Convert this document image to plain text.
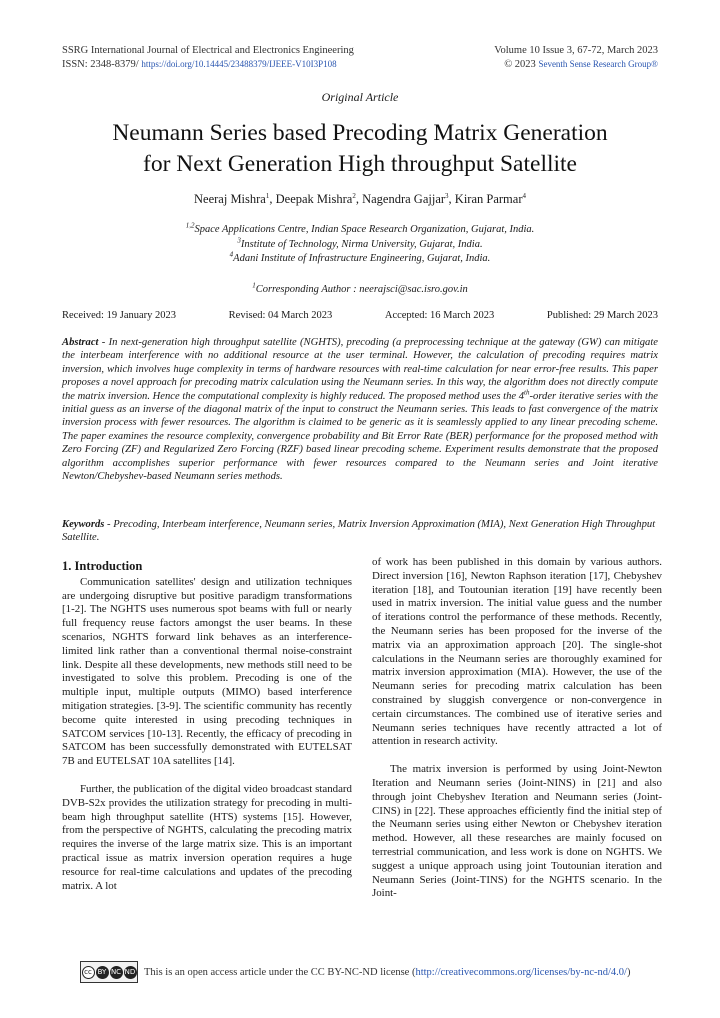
SSRG International Journal of Electrical and Electronics Engineering
ISSN: 2348-8379/ https://doi.org/10.14445/23488379/IJEEE-V10I3P108
Volume 10 Issue 3, 67-72, March 2023
© 2023 Seventh Sense Research Group®
Original Article
Neumann Series based Precoding Matrix Generation
for Next Generation High throughput Satellite
Neeraj Mishra$^1$, Deepak Mishra$^2$, Nagendra Gajjar$^3$, Kiran Parmar$^4$
$^{1,2}$Space Applications Centre, Indian Space Research Organization, Gujarat, India.
$^3$Institute of Technology, Nirma University, Gujarat, India.
$^4$Adani Institute of Infrastructure Engineering, Gujarat, India.
$^1$Corresponding Author : neerajsci@sac.isro.gov.in
Received: 19 January 2023	Revised: 04 March 2023	Accepted: 16 March 2023	Published: 29 March 2023
Abstract - In next-generation high throughput satellite (NGHTS), precoding (a preprocessing technique at the gateway (GW) can mitigate the interbeam interference with no additional resource at the user terminal. However, the calculation of precoding requires matrix inversion, which involves huge complexity in terms of hardware resources with real-time calculation for near error-free results. This paper proposes a novel approach for precoding matrix calculation using the Neumann series. In this way, the algorithm does not directly compute the matrix inversion. Hence the computational complexity is highly reduced. The proposed method uses the 4th-order iterative series with the initial guess as an inverse of the diagonal matrix of the input to construct the Neumann series. This leads to fast convergence of the matrix inversion process with fewer resources. The algorithm is claimed to be generic as it is seamlessly applied to any linear precoding scheme. The paper examines the resource complexity, convergence probability and Bit Error Rate (BER) performance for the proposed method with Zero Forcing (ZF) and Regularized Zero Forcing (RZF) based linear precoding scheme. Experiment results demonstrate that the proposed algorithm accomplishes superior performance with fewer resources compared to the Neumann series and Joint iterative Newton/Chebyshev-based Neumann series methods.
Keywords - Precoding, Interbeam interference, Neumann series, Matrix Inversion Approximation (MIA), Next Generation High Throughput Satellite.
1. Introduction

Communication satellites' design and utilization techniques are undergoing disruptive but positive paradigm transformations [1-2]. The NGHTS uses numerous spot beams with full or nearly full frequency reuse factors amongst the user beams. In these scenarios, NGHTS forward link behaves as an interference-limited link rather than a conventional thermal noise-constraint link. Despite all these developments, new methods still need to be investigated to solve this problem. Precoding is one of the multiple input, multiple outputs (MIMO) based interference mitigation strategies. [3-9]. The scientific community has recently become quite interested in using precoding techniques in SATCOM services [10-13]. Recently, the efficacy of precoding in SATCOM has been successfully demonstrated with EUTELSAT 7B and EUTELSAT 10A satellites [14].

Further, the publication of the digital video broadcast standard DVB-S2x provides the utilization strategy for precoding in multi-beam high throughput satellite (HTS) systems [15]. However, from the perspective of NGHTS, calculating the precoding matrix requires the inverse of the large matrix size. This is an important practical issue as matrix inversion operation requires a huge resource for real-time calculations and updates of the precoding matrix. A lot

of work has been published in this domain by various authors. Direct inversion [16], Newton Raphson iteration [17], Chebyshev iteration [18], and Toutounian iteration [19] have recently been used in matrix inversion. The initial value guess and the number of iterations control the performance of these methods. Recently, the Neumann series has been proposed for the inverse of the matrix via an approximation approach [20]. The single-shot calculations in the Neumann series are thoroughly examined for matrix inversion approximation (MIA). However, the use of the Neumann series for precoding matrix calculation has been constrained by sluggish convergence or non-convergence in certain circumstances. The combined use of iterative series and Neumann series techniques have recently attracted a lot of attention in research activity.

The matrix inversion is performed by using Joint-Newton Iteration and Neumann series (Joint-NINS) in [21] and also through joint Chebyshev Iteration and Neumann series (Joint-CINS) in [22]. These approaches efficiently find the initial step of the Neumann series using either Newton or Chebyshev iteration method. However, all these researches are mainly focused on terrestrial communication, and less work is done on NGHTS. We suggest a unique approach using joint Toutounian iteration and Neumann Series (Joint-TINS) for the NGHTS scenario. In the Joint-

cc BY NC ND This is an open access article under the CC BY-NC-ND license ( http://creativecommons.org/licenses/by-nc-nd/4.0/ )
